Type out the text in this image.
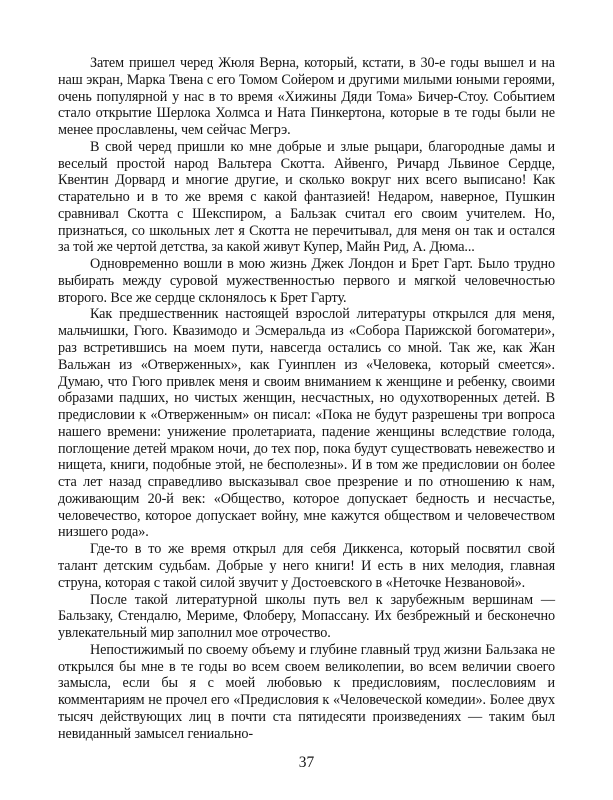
Затем пришел черед Жюля Верна, который, кстати, в 30-е годы вышел и на наш экран, Марка Твена с его Томом Сойером и другими милыми юными героями, очень популярной у нас в то время «Хижины Дяди Тома» Бичер-Стоу. Событием стало открытие Шерлока Холмса и Ната Пинкертона, которые в те годы были не менее прославлены, чем сейчас Мегрэ.

В свой черед пришли ко мне добрые и злые рыцари, благородные дамы и веселый простой народ Вальтера Скотта. Айвенго, Ричард Львиное Сердце, Квентин Дорвард и многие другие, и сколько вокруг них всего выписано! Как старательно и в то же время с какой фантазией! Недаром, наверное, Пушкин сравнивал Скотта с Шекспиром, а Бальзак считал его своим учителем. Но, признаться, со школьных лет я Скотта не перечитывал, для меня он так и остался за той же чертой детства, за какой живут Купер, Майн Рид, А. Дюма...

Одновременно вошли в мою жизнь Джек Лондон и Брет Гарт. Было трудно выбирать между суровой мужественностью первого и мягкой человечностью второго. Все же сердце склонялось к Брет Гарту.

Как предшественник настоящей взрослой литературы открылся для меня, мальчишки, Гюго. Квазимодо и Эсмеральда из «Собора Парижской богоматери», раз встретившись на моем пути, навсегда остались со мной. Так же, как Жан Вальжан из «Отверженных», как Гуинплен из «Человека, который смеется». Думаю, что Гюго привлек меня и своим вниманием к женщине и ребенку, своими образами падших, но чистых женщин, несчастных, но одухотворенных детей. В предисловии к «Отверженным» он писал: «Пока не будут разрешены три вопроса нашего времени: унижение пролетариата, падение женщины вследствие голода, поглощение детей мраком ночи, до тех пор, пока будут существовать невежество и нищета, книги, подобные этой, не бесполезны». И в том же предисловии он более ста лет назад справедливо высказывал свое презрение и по отношению к нам, доживающим 20-й век: «Общество, которое допускает бедность и несчастье, человечество, которое допускает войну, мне кажутся обществом и человечеством низшего рода».

Где-то в то же время открыл для себя Диккенса, который посвятил свой талант детским судьбам. Добрые у него книги! И есть в них мелодия, главная струна, которая с такой силой звучит у Достоевского в «Неточке Незвановой».

После такой литературной школы путь вел к зарубежным вершинам — Бальзаку, Стендалю, Мериме, Флоберу, Мопассану. Их безбрежный и бесконечно увлекательный мир заполнил мое отрочество.

Непостижимый по своему объему и глубине главный труд жизни Бальзака не открылся бы мне в те годы во всем своем великолепии, во всем величии своего замысла, если бы я с моей любовью к предисловиям, послесловиям и комментариям не прочел его «Предисловия к «Человеческой комедии». Более двух тысяч действующих лиц в почти ста пятидесяти произведениях — таким был невиданный замысел гениально-

37
